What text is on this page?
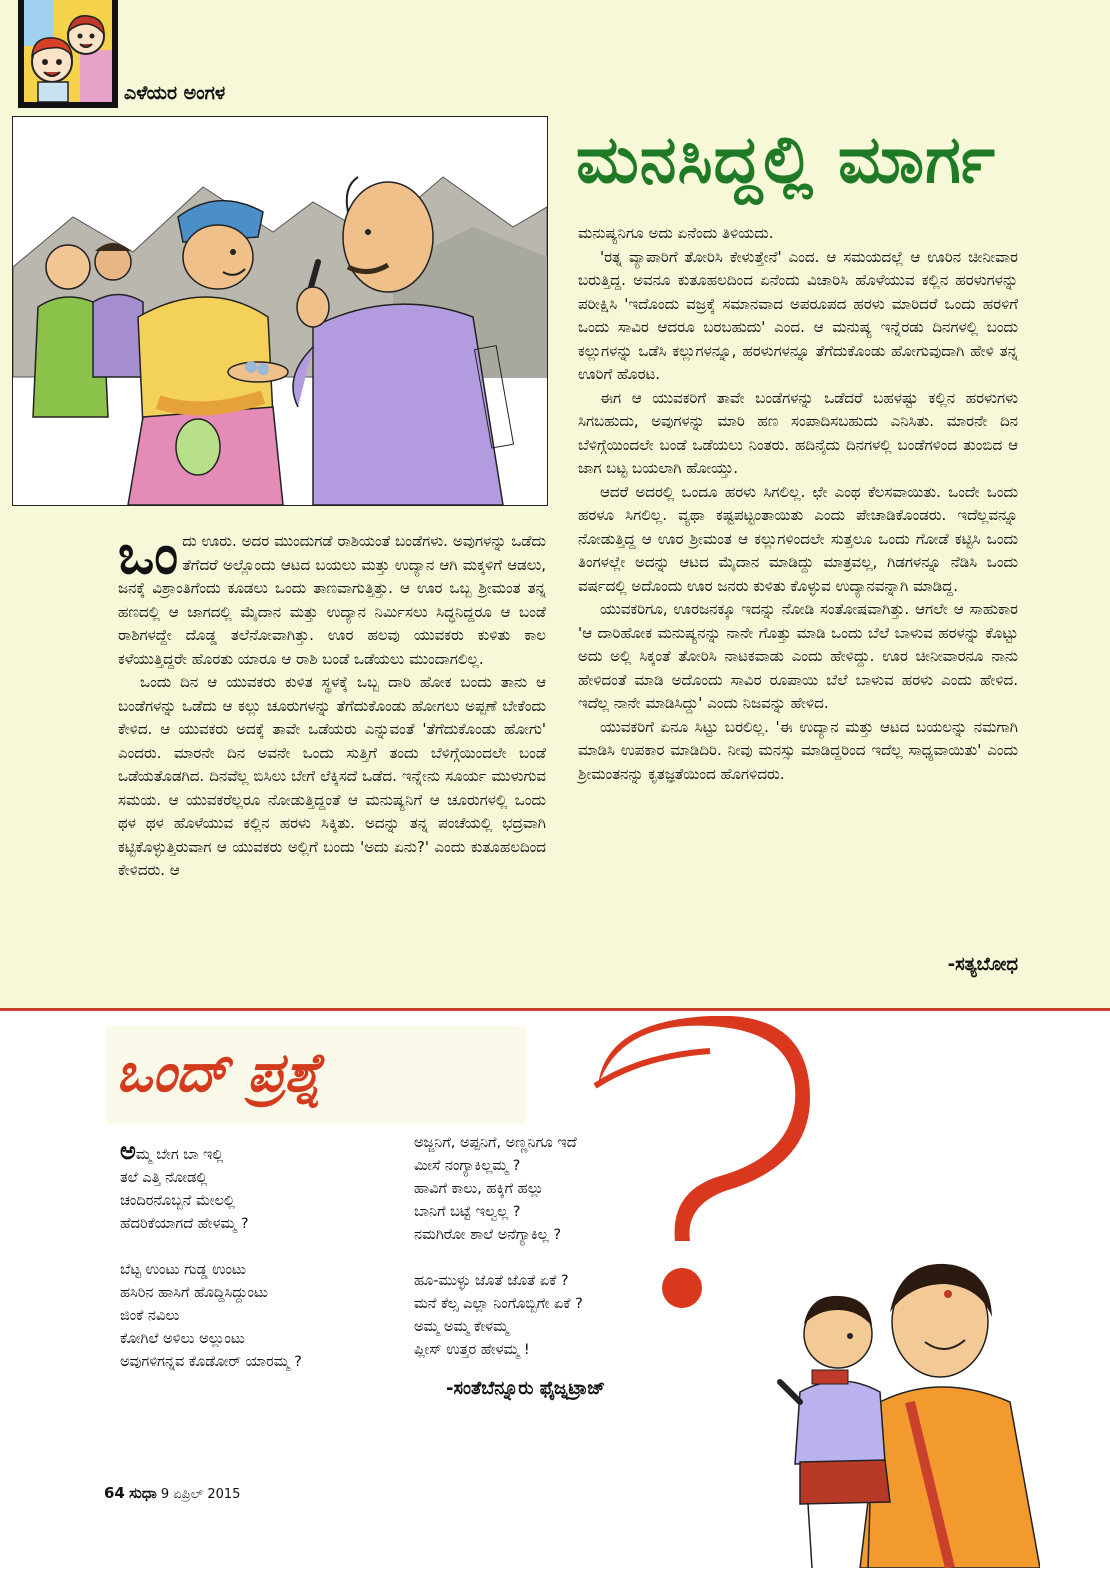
ಎಳೆಯರ ಅಂಗಳ
ಮನಸಿದ್ದಲ್ಲಿ ಮಾರ್ಗ

ಮನುಷ್ಯನಿಗೂ ಅದು ಏನೆಂದು ತಿಳಿಯದು.

'ರತ್ನ ವ್ಯಾಪಾರಿಗೆ ತೋರಿಸಿ ಕೇಳುತ್ತೇನೆ' ಎಂದ. ಆ ಸಮಯದಲ್ಲೆ ಆ ಊರಿನ ಚೀನೀವಾರ ಬರುತ್ತಿದ್ದ. ಅವನೂ ಕುತೂಹಲದಿಂದ ಏನೆಂದು ವಿಚಾರಿಸಿ ಹೊಳೆಯುವ ಕಲ್ಲಿನ ಹರಳುಗಳನ್ನು ಪರೀಕ್ಷಿಸಿ 'ಇದೊಂದು ವಜ್ರಕ್ಕೆ ಸಮಾನವಾದ ಅಪರೂಪದ ಹರಳು ಮಾರಿದರೆ ಒಂದು ಹರಳಿಗೆ ಒಂದು ಸಾವಿರ ಆದರೂ ಬರಬಹುದು' ಎಂದ. ಆ ಮನುಷ್ಯ ಇನ್ನೆರಡು ದಿನಗಳಲ್ಲಿ ಬಂದು ಕಲ್ಲುಗಳನ್ನು ಒಡೆಸಿ ಕಲ್ಲುಗಳನ್ನೂ, ಹರಳುಗಳನ್ನೂ ತೆಗೆದುಕೊಂಡು ಹೋಗುವುದಾಗಿ ಹೇಳಿ ತನ್ನ ಊರಿಗೆ ಹೊರಟ.

ಈಗ ಆ ಯುವಕರಿಗೆ ತಾವೇ ಬಂಡೆಗಳನ್ನು ಒಡೆದರೆ ಬಹಳಷ್ಟು ಕಲ್ಲಿನ ಹರಳುಗಳು ಸಿಗಬಹುದು, ಅವುಗಳನ್ನು ಮಾರಿ ಹಣ ಸಂಪಾದಿಸಬಹುದು ಎನಿಸಿತು. ಮಾರನೇ ದಿನ ಬೆಳಿಗ್ಗೆಯಿಂದಲೇ ಬಂಡೆ ಒಡೆಯಲು ನಿಂತರು. ಹದಿನೈದು ದಿನಗಳಲ್ಲಿ ಬಂಡೆಗಳಿಂದ ತುಂಬಿದ ಆ ಜಾಗ ಬಟ್ಟ ಬಯಲಾಗಿ ಹೋಯ್ತು.

ಆದರೆ ಅದರಲ್ಲಿ ಒಂದೂ ಹರಳು ಸಿಗಲಿಲ್ಲ. ಛೇ ಎಂಥ ಕೆಲಸವಾಯಿತು. ಒಂದೇ ಒಂದು ಹರಳೂ ಸಿಗಲಿಲ್ಲ. ವ್ಯಥಾ ಕಷ್ಟಪಟ್ಟಂತಾಯಿತು ಎಂದು ಪೇಚಾಡಿಕೊಂಡರು. ಇದೆಲ್ಲವನ್ನೂ ನೋಡುತ್ತಿದ್ದ ಆ ಊರ ಶ್ರೀಮಂತ ಆ ಕಲ್ಲುಗಳಿಂದಲೇ ಸುತ್ತಲೂ ಒಂದು ಗೋಡೆ ಕಟ್ಟಿಸಿ ಒಂದು ತಿಂಗಳಲ್ಲೇ ಅದನ್ನು ಆಟದ ಮೈದಾನ ಮಾಡಿದ್ದು ಮಾತ್ರವಲ್ಲ, ಗಿಡಗಳನ್ನೂ ನೆಡಿಸಿ ಒಂದು ವರ್ಷದಲ್ಲಿ ಅದೊಂದು ಊರ ಜನರು ಕುಳಿತು ಕೊಳ್ಳುವ ಉದ್ಯಾನವನ್ನಾಗಿ ಮಾಡಿದ್ದ.

ಯುವಕರಿಗೂ, ಊರಜನಕ್ಕೂ ಇದನ್ನು ನೋಡಿ ಸಂತೋಷವಾಗಿತ್ತು. ಆಗಲೇ ಆ ಸಾಹುಕಾರ 'ಆ ದಾರಿಹೋಕ ಮನುಷ್ಯನನ್ನು ನಾನೇ ಗೊತ್ತು ಮಾಡಿ ಒಂದು ಬೆಲೆ ಬಾಳುವ ಹರಳನ್ನು ಕೊಟ್ಟು ಅದು ಅಲ್ಲಿ ಸಿಕ್ಕಂತೆ ತೋರಿಸಿ ನಾಟಕವಾಡು ಎಂದು ಹೇಳಿದ್ದು. ಊರ ಚೀನೀವಾರನೂ ನಾನು ಹೇಳಿದಂತೆ ಮಾಡಿ ಅದೊಂದು ಸಾವಿರ ರೂಪಾಯಿ ಬೆಲೆ ಬಾಳುವ ಹರಳು ಎಂದು ಹೇಳಿದ. ಇದೆಲ್ಲ ನಾನೇ ಮಾಡಿಸಿದ್ದು' ಎಂದು ನಿಜವನ್ನು ಹೇಳಿದ.

ಯುವಕರಿಗೆ ಏನೂ ಸಿಟ್ಟು ಬರಲಿಲ್ಲ. 'ಈ ಉದ್ಯಾನ ಮತ್ತು ಆಟದ ಬಯಲನ್ನು ನಮಗಾಗಿ ಮಾಡಿಸಿ ಉಪಕಾರ ಮಾಡಿದಿರಿ. ನೀವು ಮನಸ್ಸು ಮಾಡಿದ್ದರಿಂದ ಇದೆಲ್ಲ ಸಾಧ್ಯವಾಯಿತು' ಎಂದು ಶ್ರೀಮಂತನನ್ನು ಕೃತಜ್ಞತೆಯಿಂದ ಹೊಗಳಿದರು.

ಒಂದು ಊರು. ಅದರ ಮುಂದುಗಡೆ ರಾಶಿಯಂತೆ ಬಂಡೆಗಳು. ಅವುಗಳನ್ನು ಒಡೆದು ತೆಗೆದರೆ ಅಲ್ಲೊಂದು ಆಟದ ಬಯಲು ಮತ್ತು ಉದ್ಯಾನ ಆಗಿ ಮಕ್ಕಳಿಗೆ ಆಡಲು, ಜನಕ್ಕೆ ವಿಶ್ರಾಂತಿಗೆಂದು ಕೂಡಲು ಒಂದು ತಾಣವಾಗುತ್ತಿತ್ತು. ಆ ಊರ ಒಬ್ಬ ಶ್ರೀಮಂತ ತನ್ನ ಹಣದಲ್ಲಿ ಆ ಜಾಗದಲ್ಲಿ ಮೈದಾನ ಮತ್ತು ಉದ್ಯಾನ ನಿರ್ಮಿಸಲು ಸಿದ್ಧನಿದ್ದರೂ ಆ ಬಂಡೆ ರಾಶಿಗಳದ್ದೇ ದೊಡ್ಡ ತಲೆನೋವಾಗಿತ್ತು. ಊರ ಹಲವು ಯುವಕರು ಕುಳಿತು ಕಾಲ ಕಳೆಯುತ್ತಿದ್ದರೇ ಹೊರತು ಯಾರೂ ಆ ರಾಶಿ ಬಂಡೆ ಒಡೆಯಲು ಮುಂದಾಗಲಿಲ್ಲ.

ಒಂದು ದಿನ ಆ ಯುವಕರು ಕುಳಿತ ಸ್ಥಳಕ್ಕೆ ಒಬ್ಬ ದಾರಿ ಹೋಕ ಬಂದು ತಾನು ಆ ಬಂಡೆಗಳನ್ನು ಒಡೆದು ಆ ಕಲ್ಲು ಚೂರುಗಳನ್ನು ತೆಗೆದುಕೊಂಡು ಹೋಗಲು ಅಪ್ಪಣೆ ಬೇಕೆಂದು ಕೇಳಿದ. ಆ ಯುವಕರು ಅದಕ್ಕೆ ತಾವೇ ಒಡೆಯರು ಎನ್ನುವಂತೆ 'ತೆಗೆದುಕೊಂಡು ಹೋಗು' ಎಂದರು. ಮಾರನೇ ದಿನ ಅವನೇ ಒಂದು ಸುತ್ತಿಗೆ ತಂದು ಬೆಳಿಗ್ಗೆಯಿಂದಲೇ ಬಂಡೆ ಒಡೆಯತೊಡಗಿದ. ದಿನವೆಲ್ಲ ಬಿಸಿಲು ಬೇಗೆ ಲೆಕ್ಕಿಸದೆ ಒಡೆದ. ಇನ್ನೇನು ಸೂರ್ಯ ಮುಳುಗುವ ಸಮಯ. ಆ ಯುವಕರೆಲ್ಲರೂ ನೋಡುತ್ತಿದ್ದಂತೆ ಆ ಮನುಷ್ಯನಿಗೆ ಆ ಚೂರುಗಳಲ್ಲಿ ಒಂದು ಥಳ ಥಳ ಹೊಳೆಯುವ ಕಲ್ಲಿನ ಹರಳು ಸಿಕ್ಕಿತು. ಅದನ್ನು ತನ್ನ ಪಂಚೆಯಲ್ಲಿ ಭದ್ರವಾಗಿ ಕಟ್ಟಿಕೊಳ್ಳುತ್ತಿರುವಾಗ ಆ ಯುವಕರು ಅಲ್ಲಿಗೆ ಬಂದು 'ಅದು ಏನು?' ಎಂದು ಕುತೂಹಲದಿಂದ ಕೇಳಿದರು. ಆ

-ಸತ್ಯಬೋಧ
ಒಂದ್ ಪ್ರಶ್ನೆ
ಅಮ್ಮ ಬೇಗ ಬಾ ಇಲ್ಲಿ
ತಲೆ ಎತ್ತಿ ನೋಡಲ್ಲಿ
ಚಂದಿರನೊಬ್ಬನೆ ಮೇಲಲ್ಲಿ
ಹೆದರಿಕೆಯಾಗದೆ ಹೇಳಮ್ಮ ?
ಬೆಟ್ಟ ಉಂಟು ಗುಡ್ಡ ಉಂಟು
ಹಸಿರಿನ ಹಾಸಿಗೆ ಹೊದ್ದಿಸಿದ್ದುಂಟು
ಜಿಂಕೆ ನವಿಲು
ಕೋಗಿಲೆ ಅಳಿಲು ಅಲ್ಲುಂಟು
ಅವುಗಳಿಗನ್ನವ ಕೊಡೋರ್ ಯಾರಮ್ಮ ?
ಅಜ್ಜನಿಗೆ, ಅಪ್ಪನಿಗೆ, ಅಣ್ಣನಿಗೂ ಇದೆ
ಮೀಸೆ ನಂಗ್ಯಾಕಿಲ್ಲಮ್ಮ ?
ಹಾವಿಗೆ ಕಾಲು, ಹಕ್ಕಿಗೆ ಹಲ್ಲು
ಬಾನಿಗೆ ಬಟ್ಟೆ ಇಲ್ವಲ್ಲ ?
ನಮಗಿರೋ ಶಾಲೆ ಅನೆಗ್ಯಾಕಿಲ್ಲ ?
ಹೂ-ಮುಳ್ಳು ಜೊತೆ ಜೊತೆ ಏಕೆ ?
ಮನೆ ಕೆಲ್ಸ ಎಲ್ಲಾ ನಿಂಗೊಬ್ಬಿಗೇ ಏಕೆ ?
ಅಮ್ಮ ಅಮ್ಮ ಕೇಳಮ್ಮ
ಪ್ಲೀಸ್ ಉತ್ತರ ಹೇಳಮ್ಮ !
-ಸಂತೆಬೆನ್ನೂರು ಫೈಜ್ನಟ್ರಾಜ್
64 ಸುಧಾ 9 ಏಪ್ರಿಲ್ 2015
